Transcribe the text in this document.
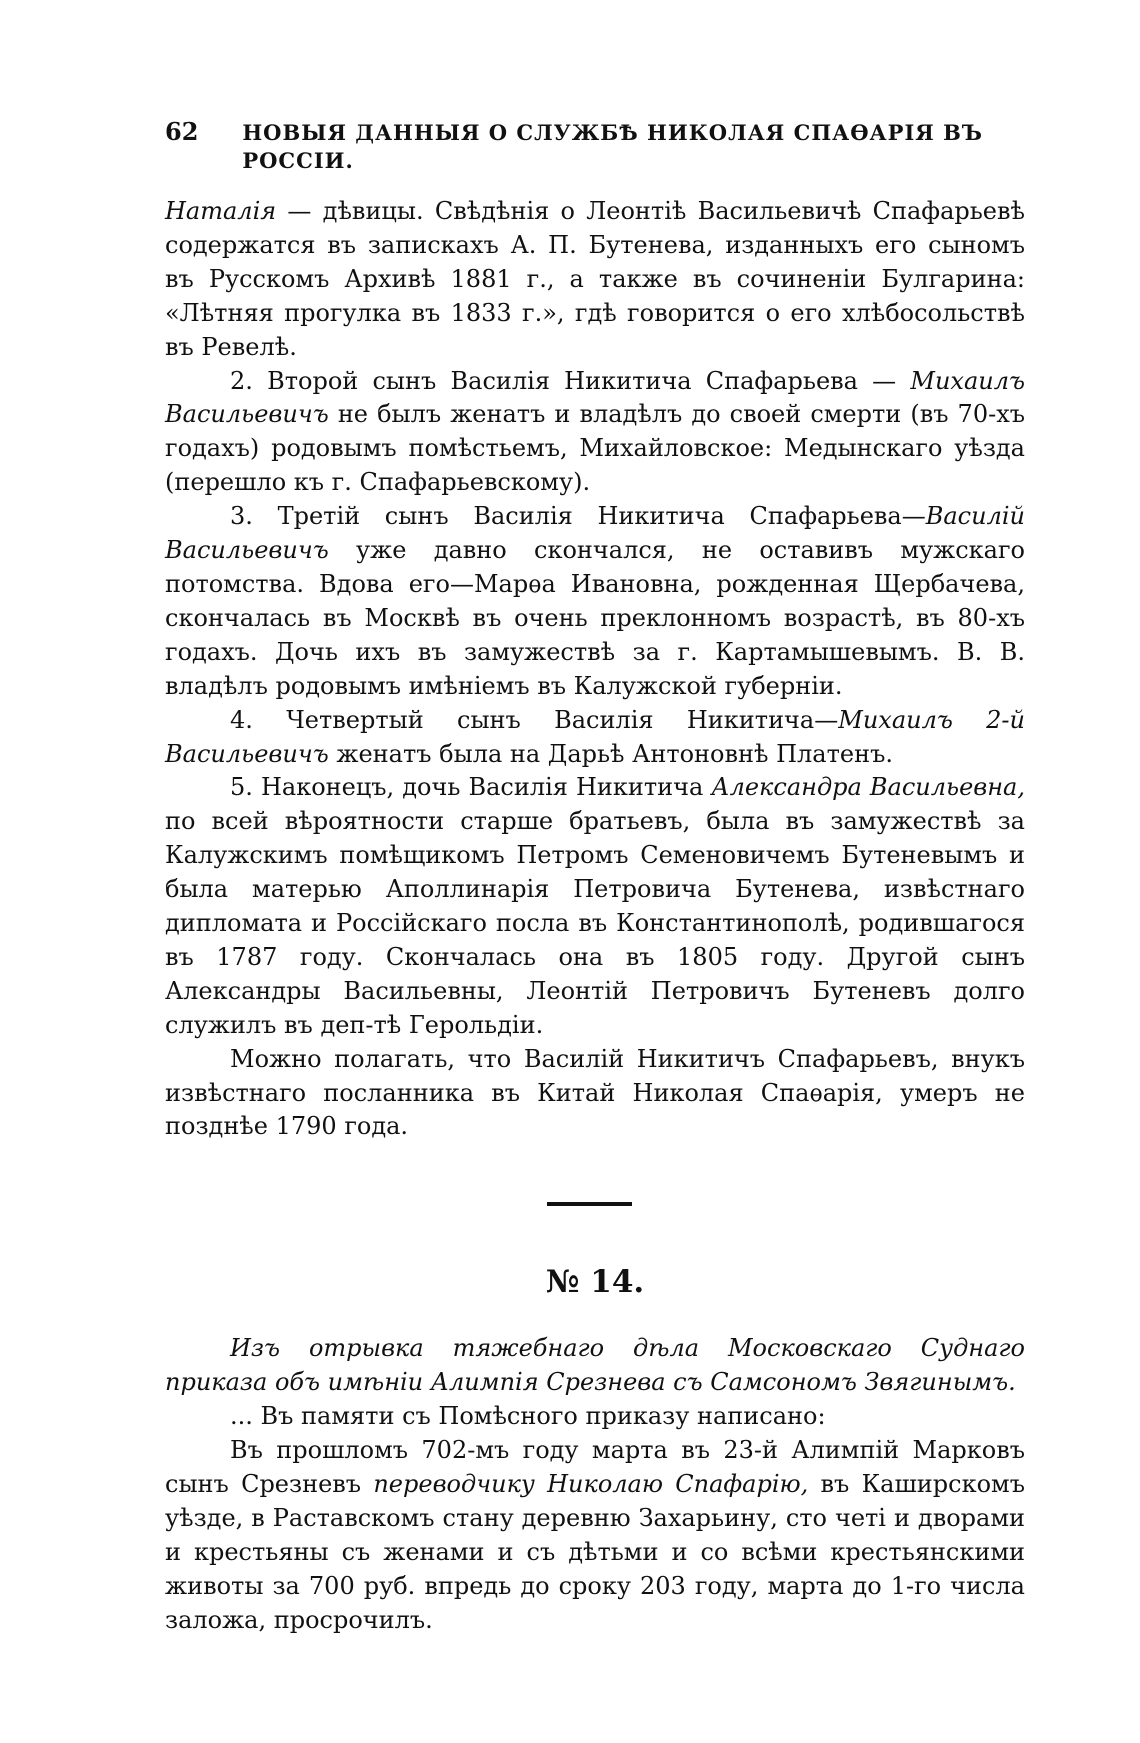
62	НОВЫЯ ДАННЫЯ О СЛУЖБѢ НИКОЛАЯ СПАѲАРІЯ ВЪ РОССІИ.

Наталія — дѣвицы. Свѣдѣнія о Леонтіѣ Васильевичѣ Спафарьевѣ содержатся въ запискахъ А. П. Бутенева, изданныхъ его сыномъ въ Русскомъ Архивѣ 1881 г., а также въ сочиненіи Булгарина: «Лѣтняя прогулка въ 1833 г.», гдѣ говорится о его хлѣбосольствѣ въ Ревелѣ.

2. Второй сынъ Василія Никитича Спафарьева — Михаилъ Васильевичъ не былъ женатъ и владѣлъ до своей смерти (въ 70-хъ годахъ) родовымъ помѣстьемъ, Михайловское: Медынскаго уѣзда (перешло къ г. Спафарьевскому).

3. Третій сынъ Василія Никитича Спафарьева—Василій Васильевичъ уже давно скончался, не оставивъ мужскаго потомства. Вдова его—Марѳа Ивановна, рожденная Щербачева, скончалась въ Москвѣ въ очень преклонномъ возрастѣ, въ 80-хъ годахъ. Дочь ихъ въ замужествѣ за г. Картамышевымъ. В. В. владѣлъ родовымъ имѣніемъ въ Калужской губерніи.

4. Четвертый сынъ Василія Никитича—Михаилъ 2-й Васильевичъ женатъ была на Дарьѣ Антоновнѣ Платенъ.

5. Наконецъ, дочь Василія Никитича Александра Васильевна, по всей вѣроятности старше братьевъ, была въ замужествѣ за Калужскимъ помѣщикомъ Петромъ Семеновичемъ Бутеневымъ и была матерью Аполлинарія Петровича Бутенева, извѣстнаго дипломата и Россійскаго посла въ Константинополѣ, родившагося въ 1787 году. Скончалась она въ 1805 году. Другой сынъ Александры Васильевны, Леонтій Петровичъ Бутеневъ долго служилъ въ деп-тѣ Герольдіи.

Можно полагать, что Василій Никитичъ Спафарьевъ, внукъ извѣстнаго посланника въ Китай Николая Спаѳарія, умеръ не позднѣе 1790 года.

№ 14.

Изъ отрывка тяжебнаго дѣла Московскаго Суднаго приказа объ имѣніи Алимпія Срезнева съ Самсономъ Звягинымъ.

... Въ памяти съ Помѣсного приказу написано:

Въ прошломъ 702-мъ году марта въ 23-й Алимпій Марковъ сынъ Срезневъ переводчику Николаю Спафарію, въ Каширскомъ уѣзде, в Раставскомъ стану деревню Захарьину, сто четі и дворами и крестьяны съ женами и съ дѣтьми и со всѣми крестьянскими животы за 700 руб. впредь до сроку 203 году, марта до 1-го числа заложа, просрочилъ.
